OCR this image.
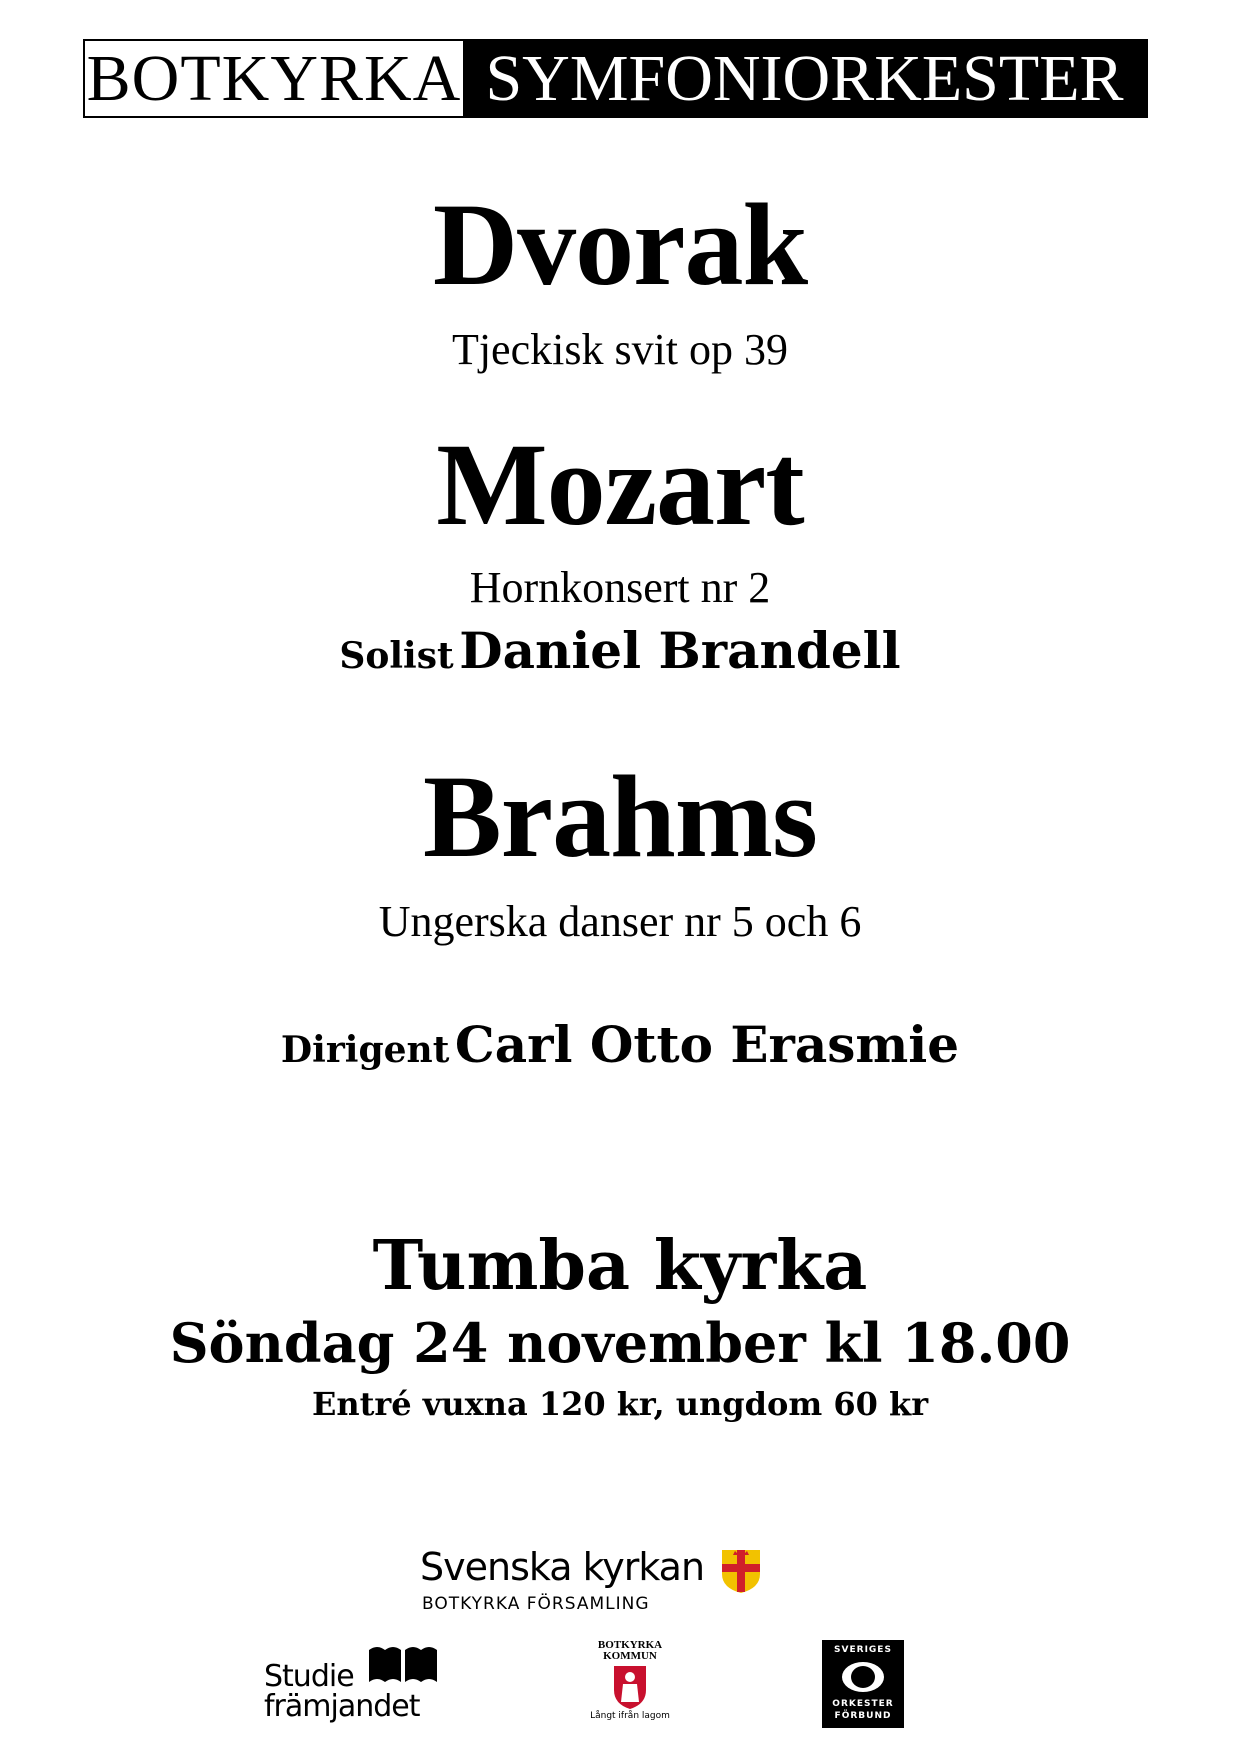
BOTKYRKA SYMFONIORKESTER
Dvorak
Tjeckisk svit op 39
Mozart
Hornkonsert nr 2
Solist Daniel Brandell
Brahms
Ungerska danser nr 5 och 6
Dirigent Carl Otto Erasmie
Tumba kyrka
Söndag 24 november kl 18.00
Entré vuxna 120 kr, ungdom 60 kr
Svenska kyrkan
BOTKYRKA FÖRSAMLING
Studie
främjandet
BOTKYRKA
KOMMUN
Långt ifrån lagom
SVERIGES
ORKESTER
FÖRBUND
